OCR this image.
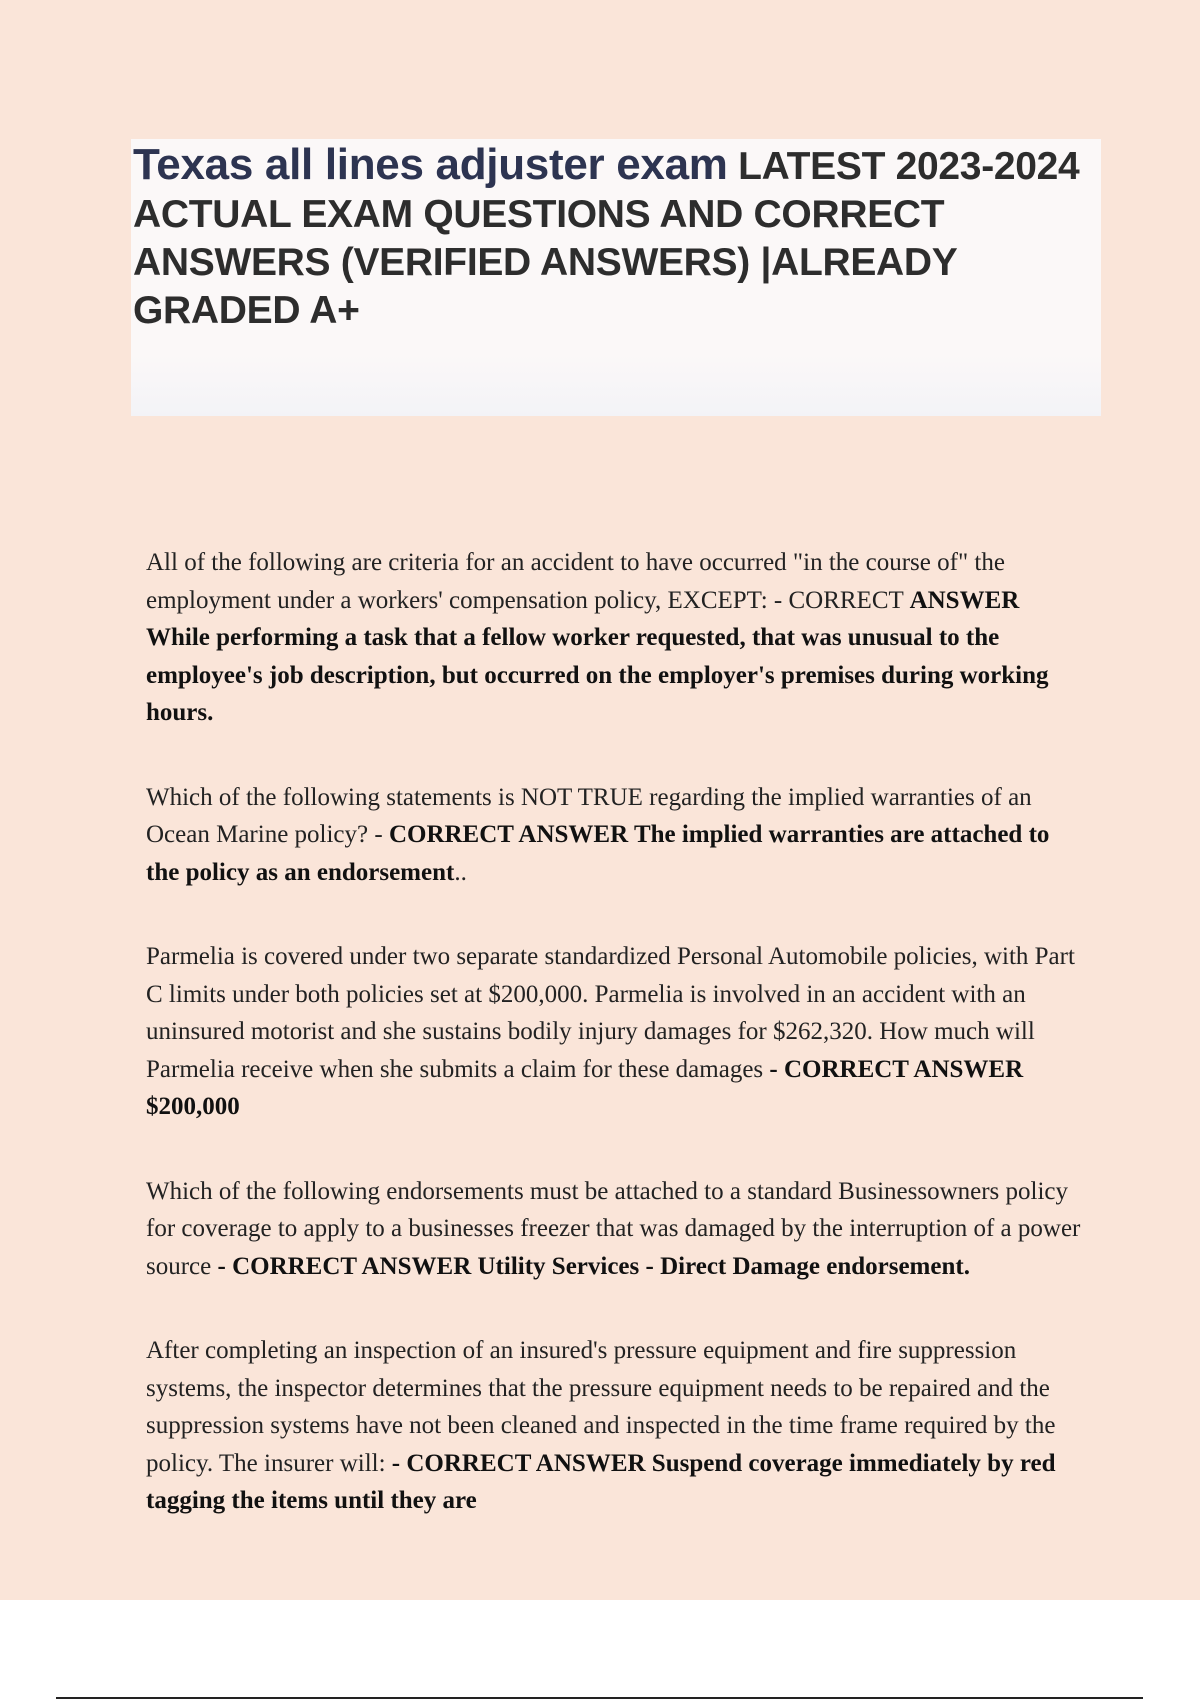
Texas all lines adjuster exam LATEST 2023-2024 ACTUAL EXAM QUESTIONS AND CORRECT ANSWERS (VERIFIED ANSWERS) |ALREADY GRADED A+

All of the following are criteria for an accident to have occurred "in the course of" the employment under a workers' compensation policy, EXCEPT: - CORRECT ANSWER While performing a task that a fellow worker requested, that was unusual to the employee's job description, but occurred on the employer's premises during working hours.

Which of the following statements is NOT TRUE regarding the implied warranties of an Ocean Marine policy? - CORRECT ANSWER The implied warranties are attached to the policy as an endorsement..

Parmelia is covered under two separate standardized Personal Automobile policies, with Part C limits under both policies set at $200,000. Parmelia is involved in an accident with an uninsured motorist and she sustains bodily injury damages for $262,320. How much will Parmelia receive when she submits a claim for these damages - CORRECT ANSWER $200,000

Which of the following endorsements must be attached to a standard Businessowners policy for coverage to apply to a businesses freezer that was damaged by the interruption of a power source - CORRECT ANSWER Utility Services - Direct Damage endorsement.

After completing an inspection of an insured's pressure equipment and fire suppression systems, the inspector determines that the pressure equipment needs to be repaired and the suppression systems have not been cleaned and inspected in the time frame required by the policy. The insurer will: - CORRECT ANSWER Suspend coverage immediately by red tagging the items until they are
